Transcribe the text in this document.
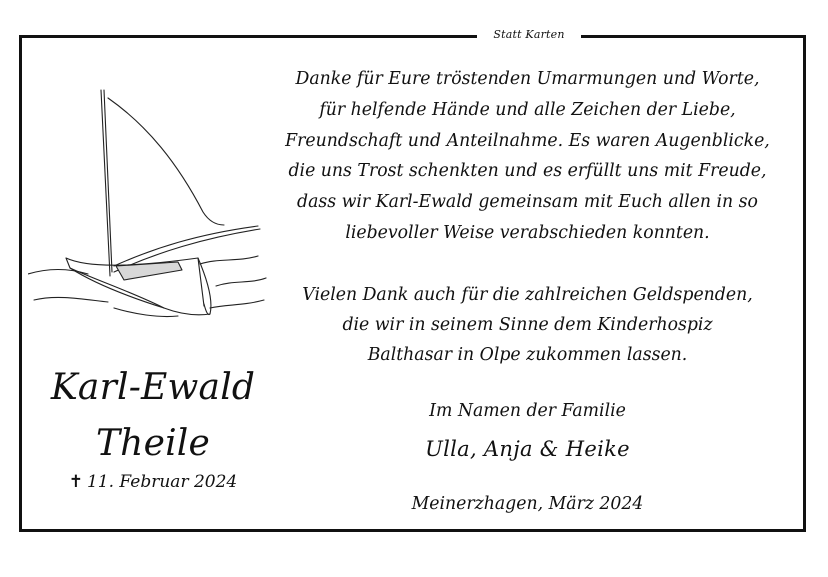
Statt Karten
Karl-Ewald
Theile
✝ 11. Februar 2024
Danke für Eure tröstenden Umarmungen und Worte,
für helfende Hände und alle Zeichen der Liebe,
Freundschaft und Anteilnahme. Es waren Augenblicke,
die uns Trost schenkten und es erfüllt uns mit Freude,
dass wir Karl-Ewald gemeinsam mit Euch allen in so
liebevoller Weise verabschieden konnten.
Vielen Dank auch für die zahlreichen Geldspenden,
die wir in seinem Sinne dem Kinderhospiz
Balthasar in Olpe zukommen lassen.
Im Namen der Familie
Ulla, Anja & Heike
Meinerzhagen, März 2024
